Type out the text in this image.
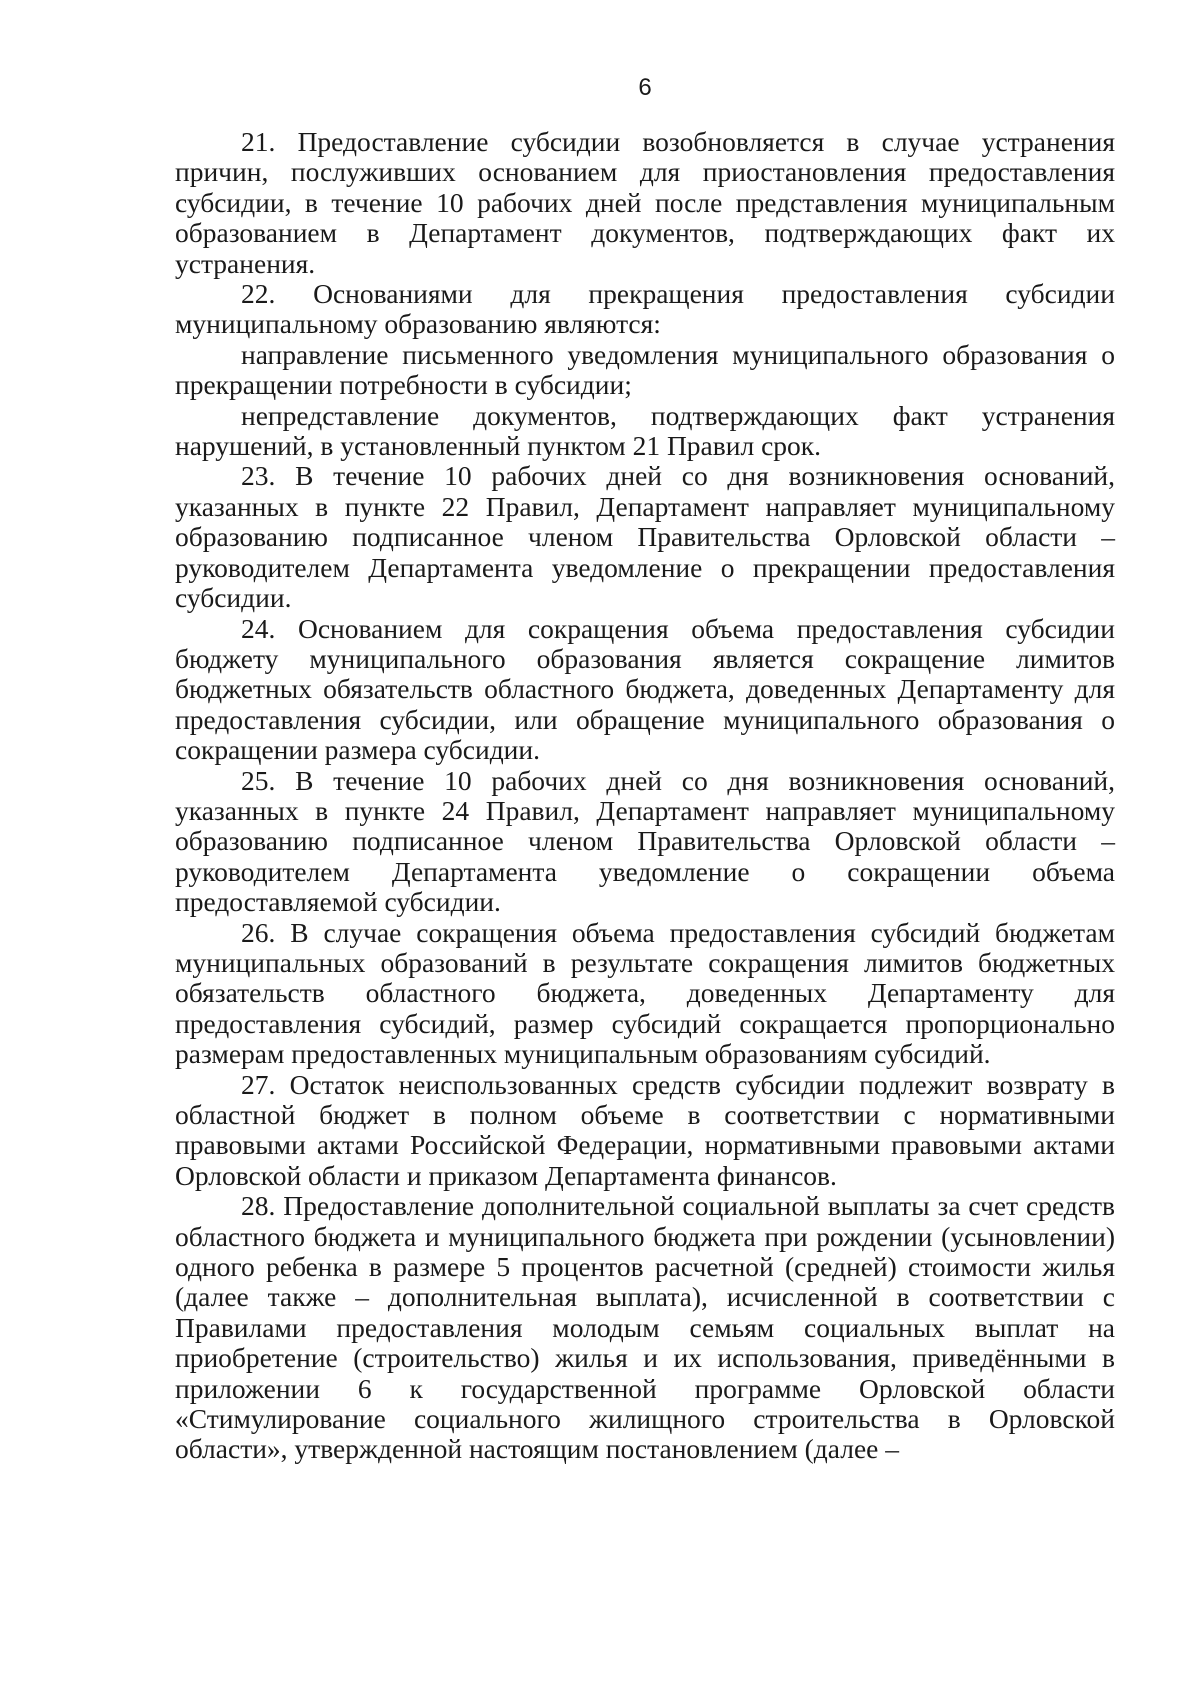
6

21. Предоставление субсидии возобновляется в случае устранения причин, послуживших основанием для приостановления предоставления субсидии, в течение 10 рабочих дней после представления муниципальным образованием в Департамент документов, подтверждающих факт их устранения.

22. Основаниями для прекращения предоставления субсидии муниципальному образованию являются:

направление письменного уведомления муниципального образования о прекращении потребности в субсидии;

непредставление документов, подтверждающих факт устранения нарушений, в установленный пунктом 21 Правил срок.

23. В течение 10 рабочих дней со дня возникновения оснований, указанных в пункте 22 Правил, Департамент направляет муниципальному образованию подписанное членом Правительства Орловской области – руководителем Департамента уведомление о прекращении предоставления субсидии.

24. Основанием для сокращения объема предоставления субсидии бюджету муниципального образования является сокращение лимитов бюджетных обязательств областного бюджета, доведенных Департаменту для предоставления субсидии, или обращение муниципального образования о сокращении размера субсидии.

25. В течение 10 рабочих дней со дня возникновения оснований, указанных в пункте 24 Правил, Департамент направляет муниципальному образованию подписанное членом Правительства Орловской области – руководителем Департамента уведомление о сокращении объема предоставляемой субсидии.

26. В случае сокращения объема предоставления субсидий бюджетам муниципальных образований в результате сокращения лимитов бюджетных обязательств областного бюджета, доведенных Департаменту для предоставления субсидий, размер субсидий сокращается пропорционально размерам предоставленных муниципальным образованиям субсидий.

27. Остаток неиспользованных средств субсидии подлежит возврату в областной бюджет в полном объеме в соответствии с нормативными правовыми актами Российской Федерации, нормативными правовыми актами Орловской области и приказом Департамента финансов.

28. Предоставление дополнительной социальной выплаты за счет средств областного бюджета и муниципального бюджета при рождении (усыновлении) одного ребенка в размере 5 процентов расчетной (средней) стоимости жилья (далее также – дополнительная выплата), исчисленной в соответствии с Правилами предоставления молодым семьям социальных выплат на приобретение (строительство) жилья и их использования, приведёнными в приложении 6 к государственной программе Орловской области «Стимулирование социального жилищного строительства в Орловской области», утвержденной настоящим постановлением (далее –
